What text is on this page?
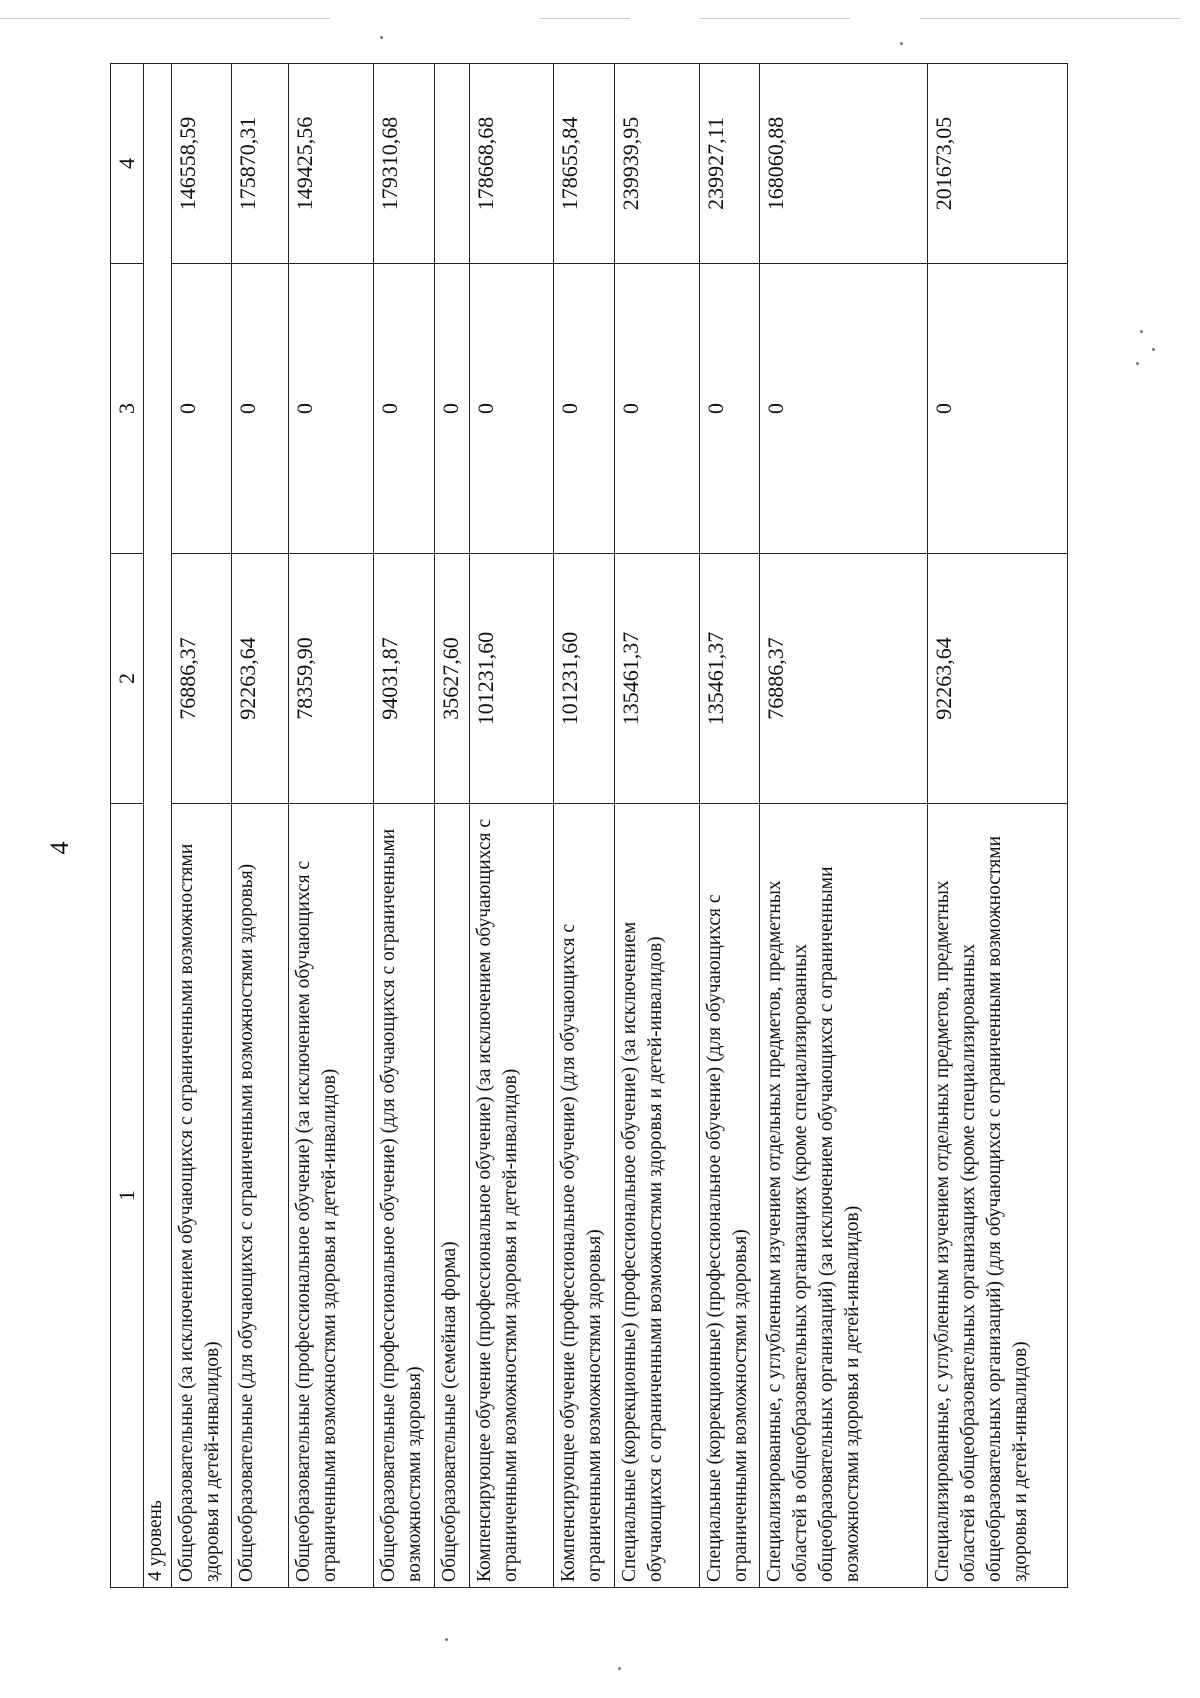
4
1	2	3	4
4 уровень			
Общеобразовательные (за исключением обучающихся с ограниченными возможностями здоровья и детей-инвалидов)	76886,37	0	146558,59
Общеобразовательные (для обучающихся с ограниченными возможностями здоровья)	92263,64	0	175870,31
Общеобразовательные (профессиональное обучение) (за исключением обучающихся с ограниченными возможностями здоровья и детей-инвалидов)	78359,90	0	149425,56
Общеобразовательные (профессиональное обучение) (для обучающихся с ограниченными возможностями здоровья)	94031,87	0	179310,68
Общеобразовательные (семейная форма)	35627,60	0	
Компенсирующее обучение (профессиональное обучение) (за исключением обучающихся с ограниченными возможностями здоровья и детей-инвалидов)	101231,60	0	178668,68
Компенсирующее обучение (профессиональное обучение) (для обучающихся с ограниченными возможностями здоровья)	101231,60	0	178655,84
Специальные (коррекционные) (профессиональное обучение) (за исключением обучающихся с ограниченными возможностями здоровья и детей-инвалидов)	135461,37	0	239939,95
Специальные (коррекционные) (профессиональное обучение) (для обучающихся с ограниченными возможностями здоровья)	135461,37	0	239927,11
Специализированные, с углубленным изучением отдельных предметов, предметных областей в общеобразовательных организациях (кроме специализированных общеобразовательных организаций) (за исключением обучающихся с ограниченными возможностями здоровья и детей-инвалидов)	76886,37	0	168060,88
Специализированные, с углубленным изучением отдельных предметов, предметных областей в общеобразовательных организациях (кроме специализированных общеобразовательных организаций) (для обучающихся с ограниченными возможностями здоровья и детей-инвалидов)	92263,64	0	201673,05
